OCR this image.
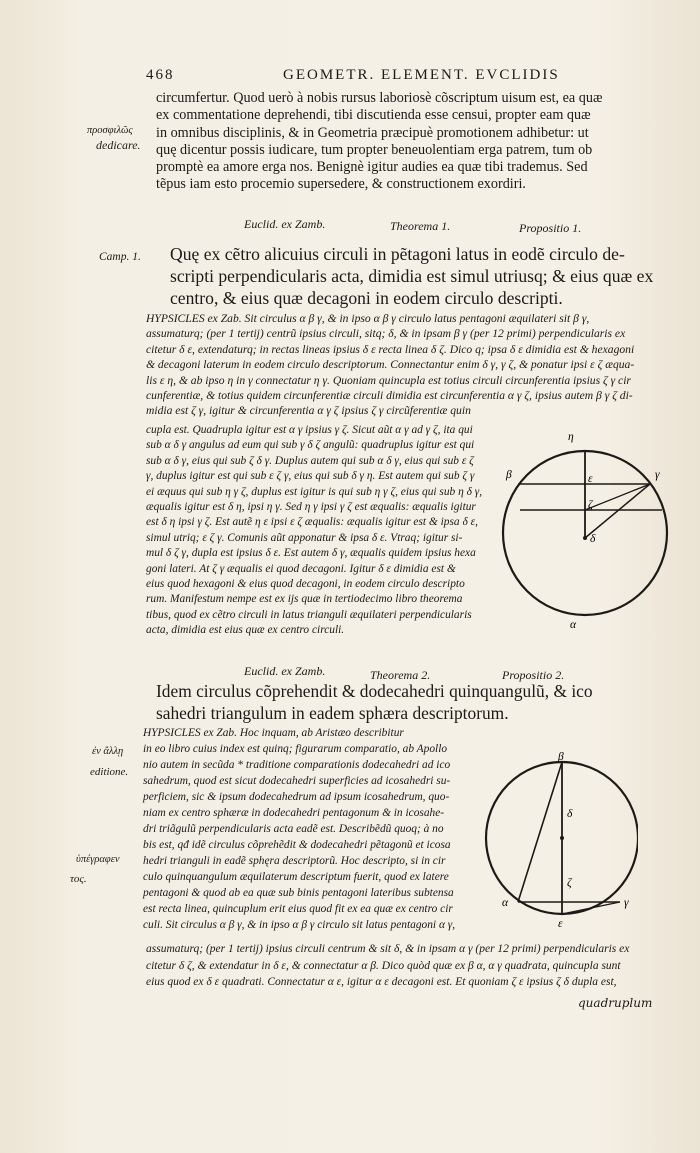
468	GEOMETR. ELEMENT. EVCLIDIS
circumfertur. Quod uerò à nobis rursus laboriosè cõscriptum uisum est, ea quæ
ex commentatione deprehendi, tibi discutienda esse censui, propter eam quæ
in omnibus disciplinis, & in Geometria præcipuè promotionem adhibetur: ut
quę dicentur possis iudicare, tum propter beneuolentiam erga patrem, tum ob
promptè ea amore erga nos. Benignè igitur audies ea quæ tibi trademus. Sed
tẽpus iam esto procemio supersedere, & constructionem exordiri.
προσφιλῶς
dedicare.
Euclid. ex Zamb.	Theorema 1.	Propositio 1.
Camp. 1. Quę ex cẽtro alicuius circuli in pẽtagoni latus in eodẽ circulo de-
scripti perpendicularis acta, dimidia est simul utriusq; & eius quæ ex
centro, & eius quæ decagoni in eodem circulo descripti.
HYPSICLES ex Zab. Sit circulus α β γ, & in ipso α β γ circulo latus pentagoni æquilateri sit β γ,
assumaturq; (per 1 tertij) centrũ ipsius circuli, sitq; δ, & in ipsam β γ (per 12 primi) perpendicularis ex
citetur δ ε, extendaturq; in rectas lineas ipsius δ ε recta linea δ ζ. Dico q; ipsa δ ε dimidia est & hexagoni
& decagoni laterum in eodem circulo descriptorum. Connectantur enim δ γ, γ ζ, & ponatur ipsi ε ζ æqua-
lis ε η, & ab ipso η in γ connectatur η γ. Quoniam quincupla est totius circuli circunferentia ipsius ζ γ cir
cunferentiæ, & totius quidem circunferentiæ circuli dimidia est circunferentia α γ ζ, ipsius autem β γ ζ di-
midia est ζ γ, igitur & circunferentia α γ ζ ipsius ζ γ circũferentiæ quin
cupla est. Quadrupla igitur est α γ ipsius γ ζ. Sicut aũt α γ ad γ ζ, ita qui
sub α δ γ angulus ad eum qui sub γ δ ζ angulũ: quadruplus igitur est qui
sub α δ γ, eius qui sub ζ δ γ. Duplus autem qui sub α δ γ, eius qui sub ε ζ
γ, duplus igitur est qui sub ε ζ γ, eius qui sub δ γ η. Est autem qui sub ζ γ
ei æquus qui sub η γ ζ, duplus est igitur is qui sub η γ ζ, eius qui sub η δ γ,
æqualis igitur est δ η, ipsi η γ. Sed η γ ipsi γ ζ est æqualis: æqualis igitur
est δ η ipsi γ ζ. Est autẽ η ε ipsi ε ζ æqualis: æqualis igitur est & ipsa δ ε,
simul utriq; ε ζ γ. Comunis aũt apponatur & ipsa δ ε. Vtraq; igitur si-
mul δ ζ γ, dupla est ipsius δ ε. Est autem δ γ, æqualis quidem ipsius hexa
goni lateri. At ζ γ æqualis ei quod decagoni. Igitur δ ε dimidia est &
eius quod hexagoni & eius quod decagoni, in eodem circulo descripto
rum. Manifestum nempe est ex ijs quæ in tertiodecimo libro theorema
tibus, quod ex cẽtro circuli in latus trianguli æquilateri perpendicularis
acta, dimidia est eius quæ ex centro circuli.
η
β	γ
ε
ζ
δ
α
Euclid. ex Zamb.	Theorema 2.	Propositio 2.
Idem circulus cõprehendit & dodecahedri quinquangulũ, & ico
sahedri triangulum in eadem sphæra descriptorum.
ἐν ἄλλῃ
editione.
ὑπέγραφεν
τος.
HYPSICLES ex Zab. Hoc inquam, ab Aristæo describitur
in eo libro cuius index est quinq; figurarum comparatio, ab Apollo
nio autem in secũda * traditione comparationis dodecahedri ad ico
sahedrum, quod est sicut dodecahedri superficies ad icosahedri su-
perficiem, sic & ipsum dodecahedrum ad ipsum icosahedrum, quo-
niam ex centro sphæræ in dodecahedri pentagonum & in icosahe-
dri triãgulũ perpendicularis acta eadẽ est. Describẽdũ quoq; à no
bis est, qđ idẽ circulus cõprehẽdit & dodecahedri pẽtagonũ et icosa
hedri trianguli in eadẽ sphęra descriptorũ. Hoc descripto, si in cir
culo quinquangulum æquilaterum descriptum fuerit, quod ex latere
pentagoni & quod ab ea quæ sub binis pentagoni lateribus subtensa
est recta linea, quincuplum erit eius quod fit ex ea quæ ex centro cir
culi. Sit circulus α β γ, & in ipso α β γ circulo sit latus pentagoni α γ,
β
δ
ζ
α	γ
ε
assumaturq; (per 1 tertij) ipsius circuli centrum & sit δ, & in ipsam α γ (per 12 primi) perpendicularis ex
citetur δ ζ, & extendatur in δ ε, & connectatur α β. Dico quòd quæ ex β α, α γ quadrata, quincupla sunt
eius quod ex δ ε quadrati. Connectatur α ε, igitur α ε decagoni est. Et quoniam ζ ε ipsius ζ δ dupla est,
quadruplum
